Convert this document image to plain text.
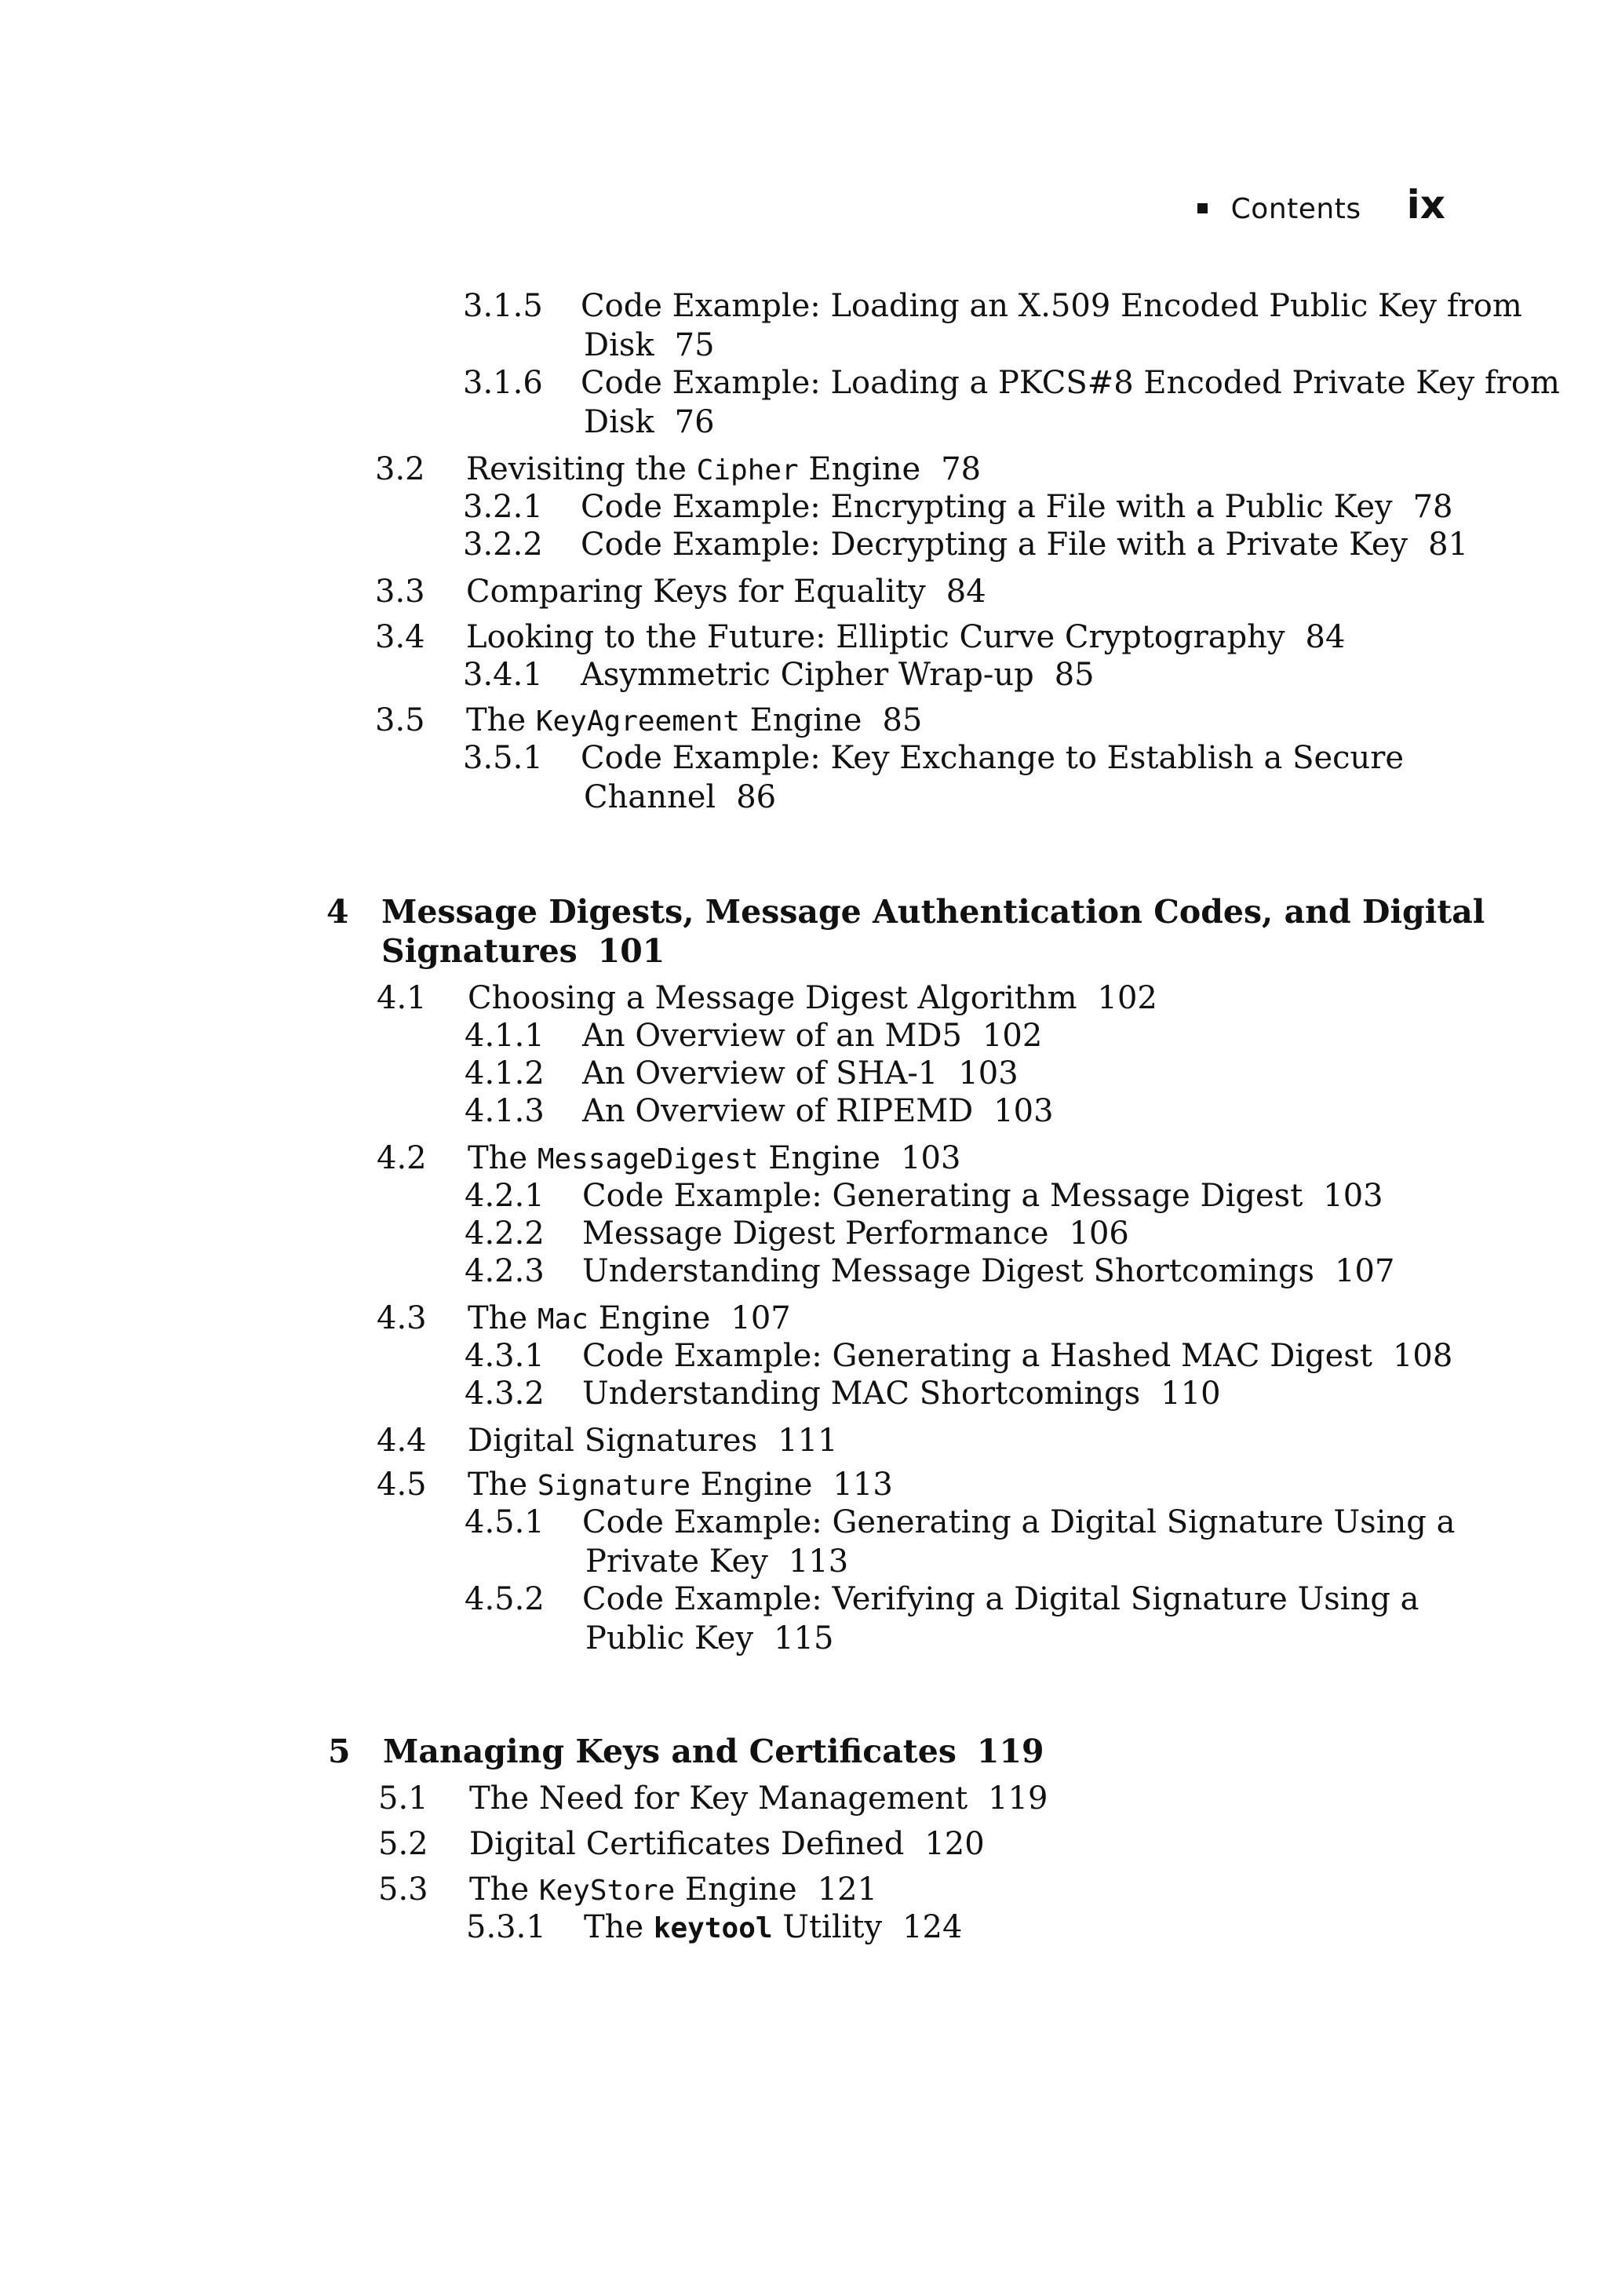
Contents ix
3.1.5 Code Example: Loading an X.509 Encoded Public Key from
Disk 75
3.1.6 Code Example: Loading a PKCS#8 Encoded Private Key from
Disk 76
3.2 Revisiting the Cipher Engine 78
3.2.1 Code Example: Encrypting a File with a Public Key 78
3.2.2 Code Example: Decrypting a File with a Private Key 81
3.3 Comparing Keys for Equality 84
3.4 Looking to the Future: Elliptic Curve Cryptography 84
3.4.1 Asymmetric Cipher Wrap-up 85
3.5 The KeyAgreement Engine 85
3.5.1 Code Example: Key Exchange to Establish a Secure
Channel 86
4 Message Digests, Message Authentication Codes, and Digital
Signatures 101
4.1 Choosing a Message Digest Algorithm 102
4.1.1 An Overview of an MD5 102
4.1.2 An Overview of SHA-1 103
4.1.3 An Overview of RIPEMD 103
4.2 The MessageDigest Engine 103
4.2.1 Code Example: Generating a Message Digest 103
4.2.2 Message Digest Performance 106
4.2.3 Understanding Message Digest Shortcomings 107
4.3 The Mac Engine 107
4.3.1 Code Example: Generating a Hashed MAC Digest 108
4.3.2 Understanding MAC Shortcomings 110
4.4 Digital Signatures 111
4.5 The Signature Engine 113
4.5.1 Code Example: Generating a Digital Signature Using a
Private Key 113
4.5.2 Code Example: Verifying a Digital Signature Using a
Public Key 115
5 Managing Keys and Certificates 119
5.1 The Need for Key Management 119
5.2 Digital Certificates Defined 120
5.3 The KeyStore Engine 121
5.3.1 The keytool Utility 124
